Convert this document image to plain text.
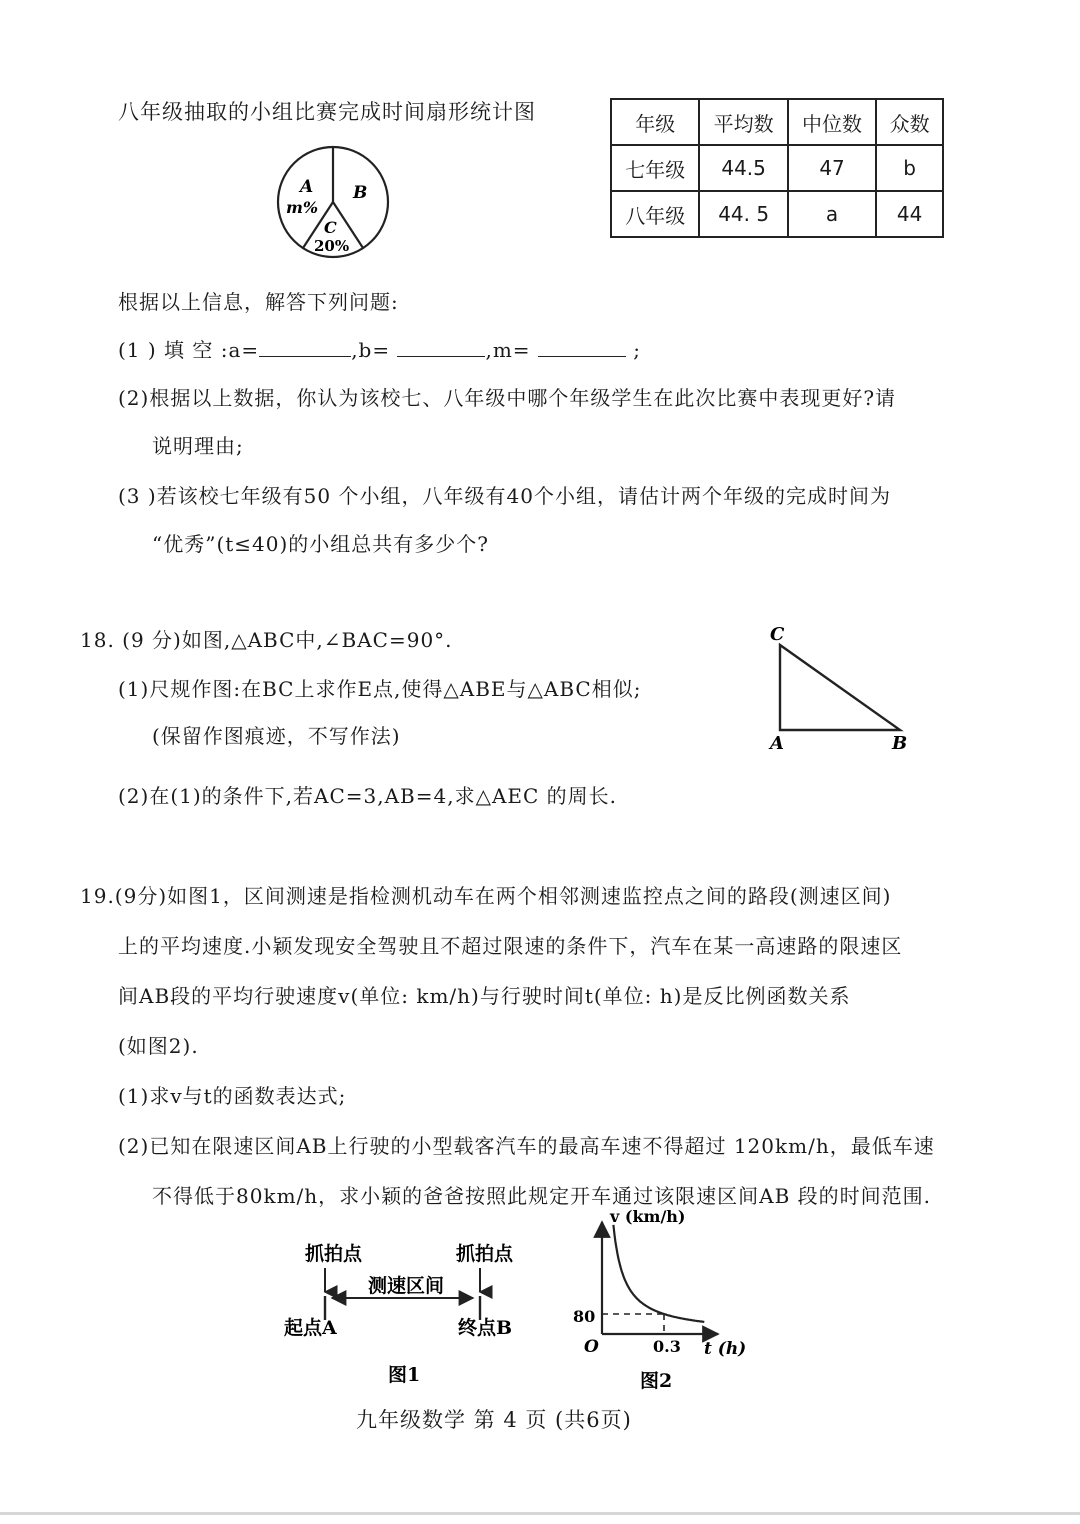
八年级抽取的小组比赛完成时间扇形统计图
A
m%
B
C
20%
年级	平均数	中位数	众数
七年级	44.5	47	b
八年级	44. 5	a	44
根据以上信息，解答下列问题:
(1 ) 填 空 :a=	,b=	,m=	;
(2)根据以上数据，你认为该校七、八年级中哪个年级学生在此次比赛中表现更好?请
说明理由;
(3 )若该校七年级有50 个小组，八年级有40个小组，请估计两个年级的完成时间为
“优秀”(t≤40)的小组总共有多少个?
18. (9 分)如图,△ABC中,∠BAC=90°.
(1)尺规作图:在BC上求作E点,使得△ABE与△ABC相似;
(保留作图痕迹，不写作法)
(2)在(1)的条件下,若AC=3,AB=4,求△AEC 的周长.
C
A	B
19.(9分)如图1，区间测速是指检测机动车在两个相邻测速监控点之间的路段(测速区间)
上的平均速度.小颖发现安全驾驶且不超过限速的条件下，汽车在某一高速路的限速区
间AB段的平均行驶速度v(单位: km/h)与行驶时间t(单位: h)是反比例函数关系
(如图2).
(1)求v与t的函数表达式;
(2)已知在限速区间AB上行驶的小型载客汽车的最高车速不得超过 120km/h，最低车速
不得低于80km/h，求小颖的爸爸按照此规定开车通过该限速区间AB 段的时间范围.
抓拍点	抓拍点
测速区间
起点A	终点B
图1
v (km/h)
t (h)
O
80
0.3
图2
九年级数学 第 4 页 (共6页)
